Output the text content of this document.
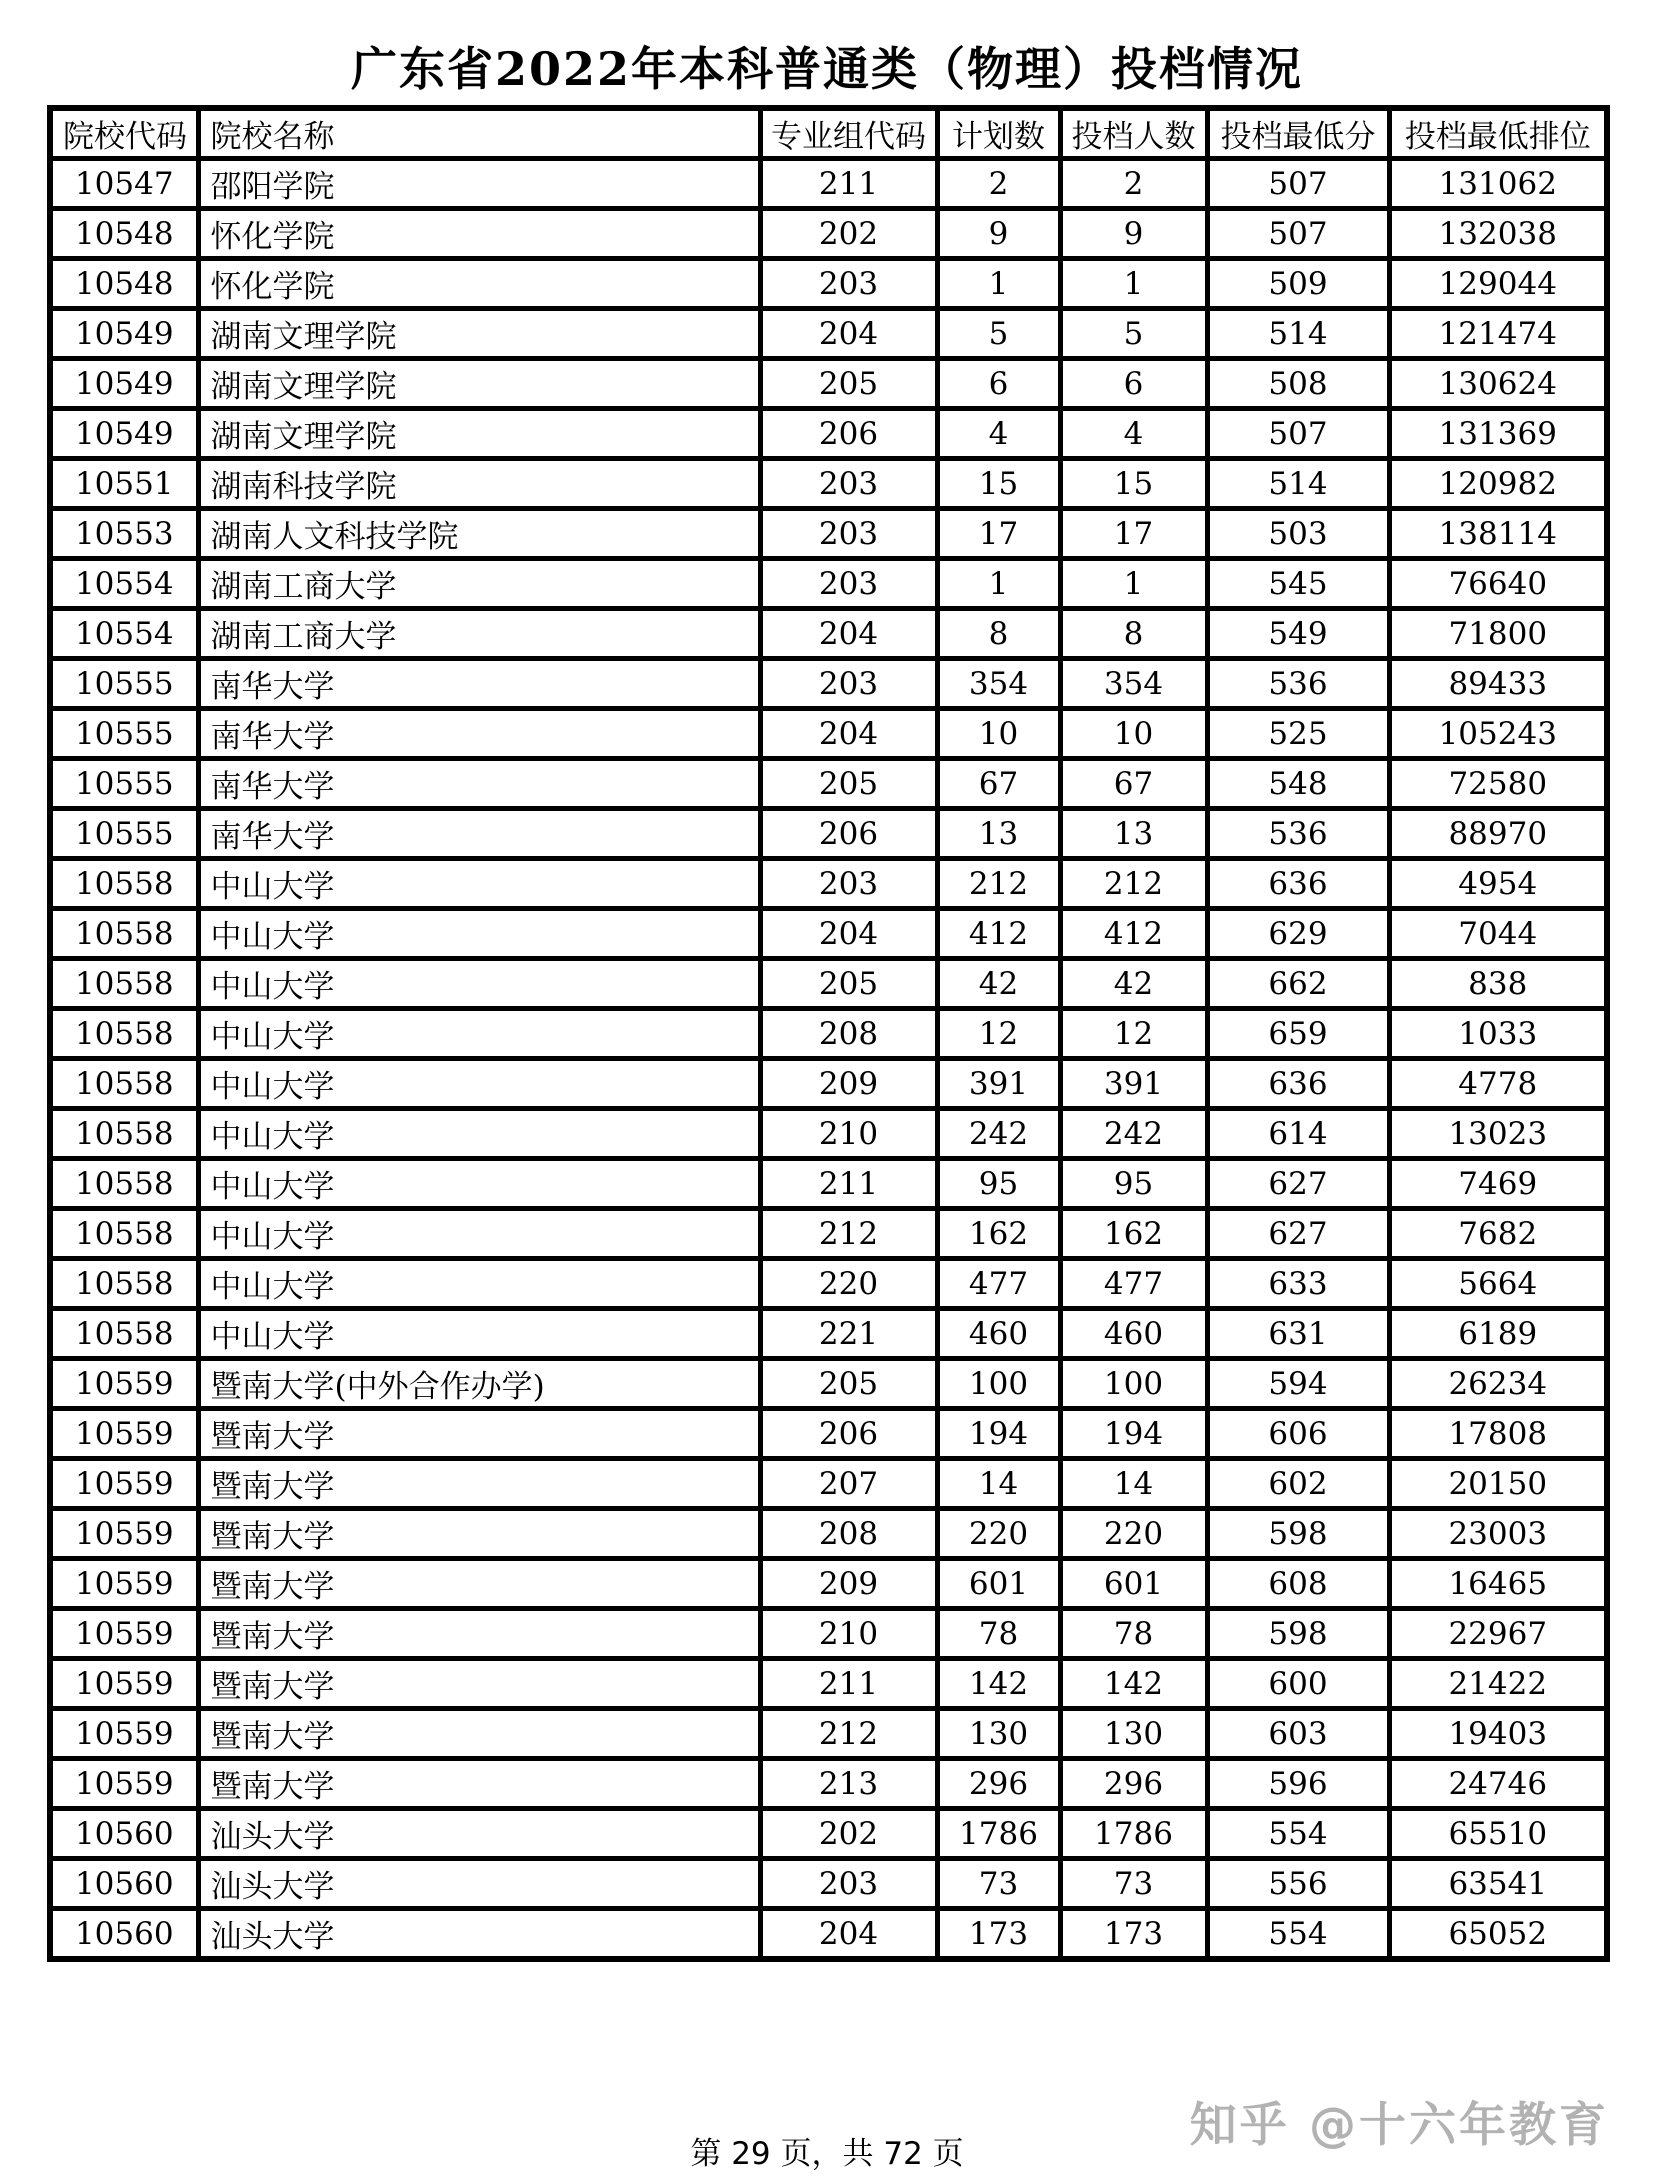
广东省2022年本科普通类（物理）投档情况
院校代码	院校名称	专业组代码	计划数	投档人数	投档最低分	投档最低排位
10547	邵阳学院	211	2	2	507	131062
10548	怀化学院	202	9	9	507	132038
10548	怀化学院	203	1	1	509	129044
10549	湖南文理学院	204	5	5	514	121474
10549	湖南文理学院	205	6	6	508	130624
10549	湖南文理学院	206	4	4	507	131369
10551	湖南科技学院	203	15	15	514	120982
10553	湖南人文科技学院	203	17	17	503	138114
10554	湖南工商大学	203	1	1	545	76640
10554	湖南工商大学	204	8	8	549	71800
10555	南华大学	203	354	354	536	89433
10555	南华大学	204	10	10	525	105243
10555	南华大学	205	67	67	548	72580
10555	南华大学	206	13	13	536	88970
10558	中山大学	203	212	212	636	4954
10558	中山大学	204	412	412	629	7044
10558	中山大学	205	42	42	662	838
10558	中山大学	208	12	12	659	1033
10558	中山大学	209	391	391	636	4778
10558	中山大学	210	242	242	614	13023
10558	中山大学	211	95	95	627	7469
10558	中山大学	212	162	162	627	7682
10558	中山大学	220	477	477	633	5664
10558	中山大学	221	460	460	631	6189
10559	暨南大学(中外合作办学)	205	100	100	594	26234
10559	暨南大学	206	194	194	606	17808
10559	暨南大学	207	14	14	602	20150
10559	暨南大学	208	220	220	598	23003
10559	暨南大学	209	601	601	608	16465
10559	暨南大学	210	78	78	598	22967
10559	暨南大学	211	142	142	600	21422
10559	暨南大学	212	130	130	603	19403
10559	暨南大学	213	296	296	596	24746
10560	汕头大学	202	1786	1786	554	65510
10560	汕头大学	203	73	73	556	63541
10560	汕头大学	204	173	173	554	65052
第 29 页，共 72 页
知乎 @十六年教育
